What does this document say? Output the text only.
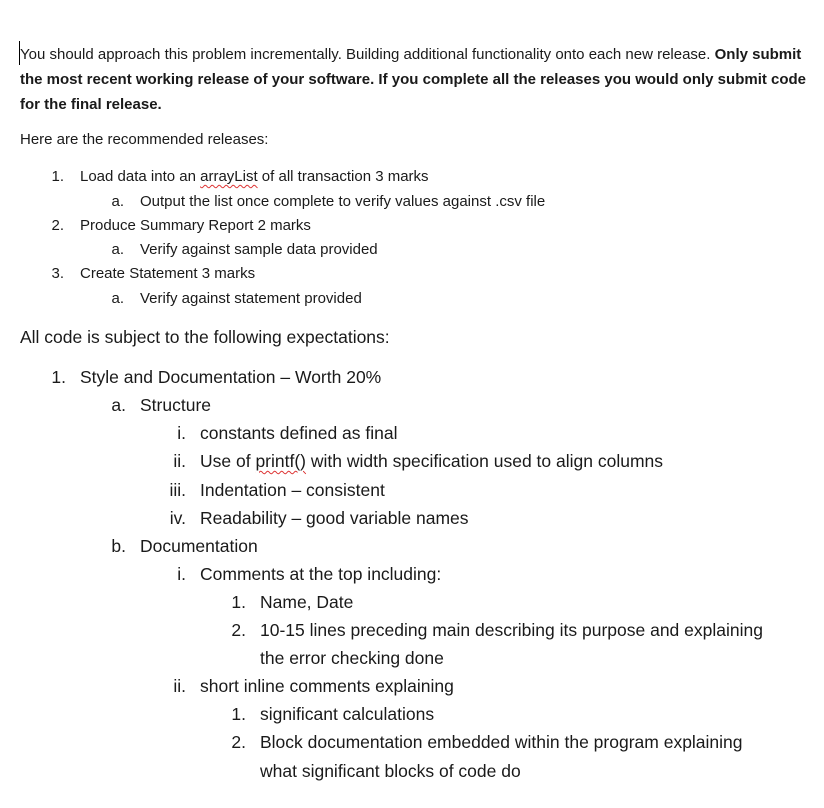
You should approach this problem incrementally. Building additional functionality onto each new release. Only submit the most recent working release of your software. If you complete all the releases you would only submit code for the final release.
Here are the recommended releases:
1. Load data into an arrayList of all transaction 3 marks
a. Output the list once complete to verify values against .csv file
2. Produce Summary Report 2 marks
a. Verify against sample data provided
3. Create Statement 3 marks
a. Verify against statement provided
All code is subject to the following expectations:
1. Style and Documentation – Worth 20%
a. Structure
i. constants defined as final
ii. Use of printf() with width specification used to align columns
iii. Indentation – consistent
iv. Readability – good variable names
b. Documentation
i. Comments at the top including:
1. Name, Date
2. 10-15 lines preceding main describing its purpose and explaining
the error checking done
ii. short inline comments explaining
1. significant calculations
2. Block documentation embedded within the program explaining
what significant blocks of code do
